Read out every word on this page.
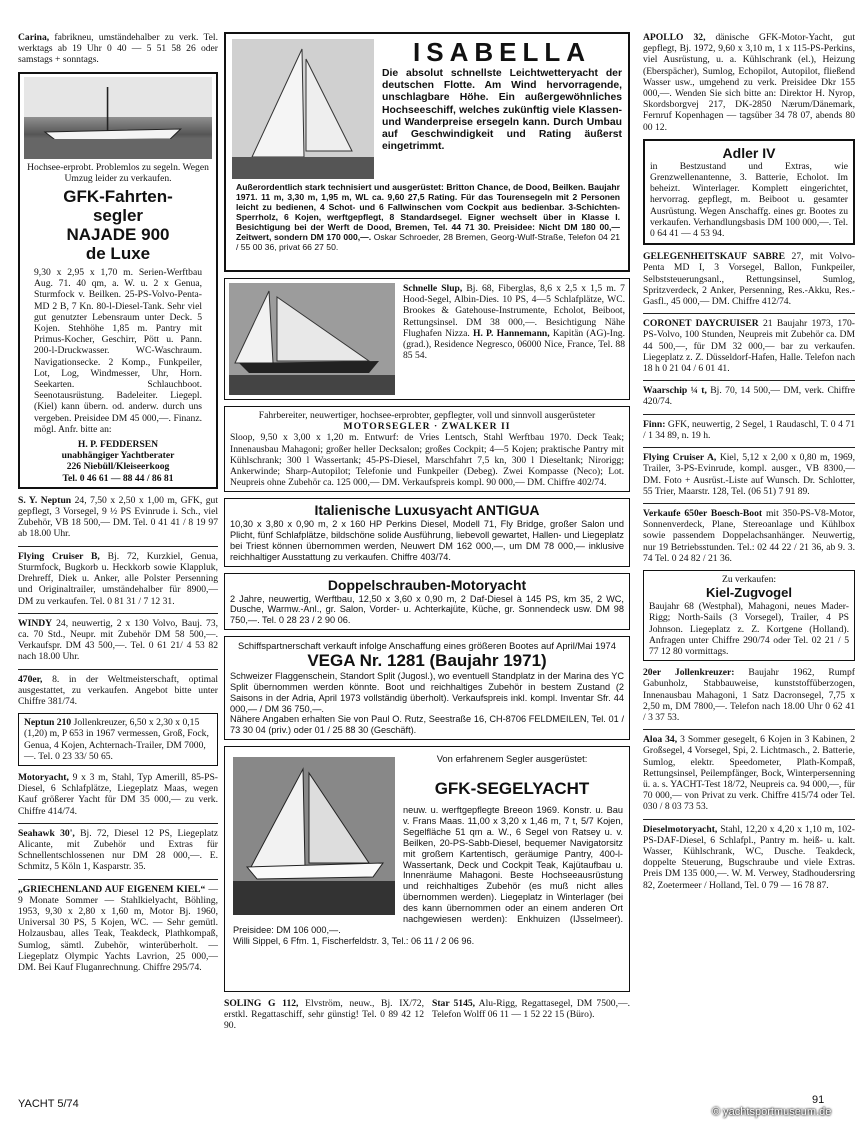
Carina, fabrikneu, umständehalber zu verk. Tel. werktags ab 19 Uhr 0 40 — 5 51 58 26 oder samstags + sonntags.
Hochsee-erprobt. Problemlos zu segeln. Wegen Umzug leider zu verkaufen.
GFK-Fahrten-
segler
NAJADE 900
de Luxe
9,30 x 2,95 x 1,70 m. Serien-Werftbau Aug. 71. 40 qm, a. W. u. 2 x Genua, Sturmfock v. Beilken. 25-PS-Volvo-Penta-MD 2 B, 7 Kn. 80-l-Diesel-Tank. Sehr viel gut genutzter Lebensraum unter Deck. 5 Kojen. Stehhöhe 1,85 m. Pantry mit Primus-Kocher, Geschirr, Pött u. Pann. 200-l-Druckwasser. WC-Waschraum. Navigationsecke. 2 Komp., Funkpeiler, Lot, Log, Windmesser, Uhr, Horn. Seekarten. Schlauchboot. Seenotausrüstung. Badeleiter. Liegepl. (Kiel) kann übern. od. anderw. durch uns vergeben. Preisidee DM 45 000,—. Finanz. mögl. Anfr. bitte an:
H. P. FEDDERSEN
unabhängiger Yachtberater
226 Niebüll/Kleiseerkoog
Tel. 0 46 61 — 88 44 / 86 81
S. Y. Neptun 24, 7,50 x 2,50 x 1,00 m, GFK, gut gepflegt, 3 Vorsegel, 9 ½ PS Evinrude i. Sch., viel Zubehör, VB 18 500,— DM. Tel. 0 41 41 / 8 19 97 ab 18.00 Uhr.
Flying Cruiser B, Bj. 72, Kurzkiel, Genua, Sturmfock, Bugkorb u. Heckkorb sowie Klappluk, Drehreff, Diek u. Anker, alle Polster Persenning und Originaltrailer, umständehalber für 8900,— DM zu verkaufen. Tel. 0 81 31 / 7 12 31.
WINDY 24, neuwertig, 2 x 130 Volvo, Bauj. 73, ca. 70 Std., Neupr. mit Zubehör DM 58 500,—. Verkaufspr. DM 43 500,—. Tel. 0 61 21/ 4 53 82 nach 18.00 Uhr.
470er, 8. in der Weltmeisterschaft, optimal ausgestattet, zu verkaufen. Angebot bitte unter Chiffre 381/74.
Neptun 210 Jollenkreuzer, 6,50 x 2,30 x 0,15 (1,20) m, P 653 in 1967 vermessen, Groß, Fock, Genua, 4 Kojen, Achternach-Trailer, DM 7000,—. Tel. 0 23 33/ 50 65.
Motoryacht, 9 x 3 m, Stahl, Typ Amerill, 85-PS-Diesel, 6 Schlafplätze, Liegeplatz Maas, wegen Kauf größerer Yacht für DM 35 000,— zu verk. Chiffre 414/74.
Seahawk 30', Bj. 72, Diesel 12 PS, Liegeplatz Alicante, mit Zubehör und Extras für Schnellentschlossenen nur DM 28 000,—. E. Schmitz, 5 Köln 1, Kasparstr. 35.
„GRIECHENLAND AUF EIGENEM KIEL“ — 9 Monate Sommer — Stahlkielyacht, Böhling, 1953, 9,30 x 2,80 x 1,60 m, Motor Bj. 1960, Universal 30 PS, 5 Kojen, WC. — Sehr gemütl. Holzausbau, alles Teak, Teakdeck, Plathkompaß, Sumlog, sämtl. Zubehör, winterüberholt. — Liegeplatz Olympic Yachts Lavrion, 25 000,— DM. Bei Kauf Fluganrechnung. Chiffre 295/74.
ISABELLA
Die absolut schnellste Leichtwetteryacht der deutschen Flotte. Am Wind hervorragende, unschlagbare Höhe. Ein außergewöhnliches Hochseeschiff, welches zukünftig viele Klassen- und Wanderpreise ersegeln kann. Durch Umbau auf Geschwindigkeit und Rating äußerst eingetrimmt.
Außerordentlich stark technisiert und ausgerüstet: Britton Chance, de Dood, Beilken. Baujahr 1971. 11 m, 3,30 m, 1,95 m, WL ca. 9,60 27,5 Rating. Für das Tourensegeln mit 2 Personen leicht zu bedienen, 4 Schot- und 6 Fallwinschen vom Cockpit aus bedienbar. 3-Schichten-Sperrholz, 6 Kojen, werftgepflegt, 8 Standardsegel. Eigner wechselt über in Klasse I. Besichtigung bei der Werft de Dood, Bremen, Tel. 44 71 30. Preisidee: Nicht DM 180 00,— Zeitwert, sondern DM 170 000,—. Oskar Schroeder, 28 Bremen, Georg-Wulf-Straße, Telefon 04 21 / 55 00 36, privat 66 27 50.
Schnelle Slup, Bj. 68, Fiberglas, 8,6 x 2,5 x 1,5 m. 7 Hood-Segel, Albin-Dies. 10 PS, 4—5 Schlafplätze, WC. Brookes & Gatehouse-Instrumente, Echolot, Beiboot, Rettungsinsel. DM 38 000,—. Besichtigung Nähe Flughafen Nizza. H. P. Hannemann, Kapitän (AG)-Ing. (grad.), Residence Negresco, 06000 Nice, France, Tel. 88 85 54.
Fahrbereiter, neuwertiger, hochsee-erprobter, gepflegter, voll und sinnvoll ausgerüsteter
MOTORSEGLER · ZWALKER II
Sloop, 9,50 x 3,00 x 1,20 m. Entwurf: de Vries Lentsch, Stahl Werftbau 1970. Deck Teak; Innenausbau Mahagoni; großer heller Decksalon; großes Cockpit; 4—5 Kojen; praktische Pantry mit Kühlschrank; 300 l Wassertank; 45-PS-Diesel, Marschfahrt 7,5 kn, 300 l Dieseltank; Nirorigg; Ankerwinde; Sharp-Autopilot; Telefonie und Funkpeiler (Debeg). Zwei Kompasse (Neco); Lot. Neupreis ohne Zubehör ca. 125 000,— DM. Verkaufspreis kompl. 90 000,— DM. Chiffre 402/74.
Italienische Luxusyacht ANTIGUA
10,30 x 3,80 x 0,90 m, 2 x 160 HP Perkins Diesel, Modell 71, Fly Bridge, großer Salon und Plicht, fünf Schlafplätze, bildschöne solide Ausführung, liebevoll gewartet, Hallen- und Liegeplatz bei Triest können übernommen werden, Neuwert DM 162 000,—, um DM 78 000,— inklusive reichhaltiger Ausstattung zu verkaufen. Chiffre 403/74.
Doppelschrauben-Motoryacht
2 Jahre, neuwertig, Werftbau, 12,50 x 3,60 x 0,90 m, 2 Daf-Diesel à 145 PS, km 35, 2 WC, Dusche, Warmw.-Anl., gr. Salon, Vorder- u. Achterkajüte, Küche, gr. Sonnendeck usw. DM 98 750,—. Tel. 0 28 23 / 2 90 06.
Schiffspartnerschaft verkauft infolge Anschaffung eines größeren Bootes auf April/Mai 1974
VEGA Nr. 1281 (Baujahr 1971)
Schweizer Flaggenschein, Standort Split (Jugosl.), wo eventuell Standplatz in der Marina des YC Split übernommen werden könnte. Boot und reichhaltiges Zubehör in bestem Zustand (2 Saisons in der Adria, April 1973 vollständig überholt). Verkaufspreis inkl. kompl. Inventar Sfr. 44 000,— / DM 36 750,—.
Nähere Angaben erhalten Sie von Paul O. Rutz, Seestraße 16, CH-8706 FELDMEILEN, Tel. 01 / 73 30 04 (priv.) oder 01 / 25 88 30 (Geschäft).
Von erfahrenem Segler ausgerüstet:
GFK-SEGELYACHT
neuw. u. werftgepflegte Breeon 1969. Konstr. u. Bau v. Frans Maas. 11,00 x 3,20 x 1,46 m, 7 t, 5/7 Kojen, Segelfläche 51 qm a. W., 6 Segel von Ratsey u. v. Beilken, 20-PS-Sabb-Diesel, bequemer Navigatorsitz mit großem Kartentisch, geräumige Pantry, 400-l-Wassertank, Deck und Cockpit Teak, Kajütaufbau u. Innenräume Mahagoni. Beste Hochseeausrüstung und reichhaltiges Zubehör (es muß nicht alles übernommen werden). Liegeplatz in Winterlager (bei des kann übernommen oder an einem anderen Ort nachgewiesen werden): Enkhuizen (IJsselmeer). Preisidee: DM 106 000,—.
Willi Sippel, 6 Ffm. 1, Fischerfeldstr. 3, Tel.: 06 11 / 2 06 96.
SOLING G 112, Elvström, neuw., Bj. IX/72, erstkl. Regattaschiff, sehr günstig! Tel. 0 89 42 12 90.
Star 5145, Alu-Rigg, Regattasegel, DM 7500,—. Telefon Wolff 06 11 — 1 52 22 15 (Büro).
APOLLO 32, dänische GFK-Motor-Yacht, gut gepflegt, Bj. 1972, 9,60 x 3,10 m, 1 x 115-PS-Perkins, viel Ausrüstung, u. a. Kühlschrank (el.), Heizung (Eberspächer), Sumlog, Echopilot, Autopilot, fließend Wasser usw., umgehend zu verk. Preisidee Dkr 155 000,—. Wenden Sie sich bitte an: Direktor H. Nyrop, Skordsborgvej 217, DK-2850 Nærum/Dänemark, Fernruf Kopenhagen — tagsüber 34 78 07, abends 80 00 12.
Adler IV
in Bestzustand und Extras, wie Grenzwellenantenne, 3. Batterie, Echolot. Im beheizt. Winterlager. Komplett eingerichtet, hervorrag. gepflegt, m. Beiboot u. gesamter Ausrüstung. Wegen Anschaffg. eines gr. Bootes zu verkaufen. Verhandlungsbasis DM 100 000,—. Tel. 0 64 41 — 4 53 94.
GELEGENHEITSKAUF SABRE 27, mit Volvo-Penta MD I, 3 Vorsegel, Ballon, Funkpeiler, Selbststeuerungsanl., Rettungsinsel, Sumlog, Spritzverdeck, 2 Anker, Persenning, Res.-Akku, Res.-Gasfl., 45 000,— DM. Chiffre 412/74.
CORONET DAYCRUISER 21 Baujahr 1973, 170-PS-Volvo, 100 Stunden, Neupreis mit Zubehör ca. DM 44 500,—, für DM 32 000,— bar zu verkaufen. Liegeplatz z. Z. Düsseldorf-Hafen, Halle. Telefon nach 18 h 0 21 04 / 6 01 41.
Waarschip ¼ t, Bj. 70, 14 500,— DM, verk. Chiffre 420/74.
Finn: GFK, neuwertig, 2 Segel, 1 Raudaschl, T. 0 4 71 / 1 34 89, n. 19 h.
Flying Cruiser A, Kiel, 5,12 x 2,00 x 0,80 m, 1969, Trailer, 3-PS-Evinrude, kompl. ausger., VB 8300,— DM. Foto + Ausrüst.-Liste auf Wunsch. Dr. Schlotter, 55 Trier, Maarstr. 128, Tel. (06 51) 7 91 89.
Verkaufe 650er Boesch-Boot mit 350-PS-V8-Motor, Sonnenverdeck, Plane, Stereoanlage und Kühlbox sowie passendem Doppelachsanhänger. Neuwertig, nur 19 Betriebsstunden. Tel.: 02 44 22 / 21 36, ab 9. 3. 74 Tel. 0 24 82 / 21 36.
Zu verkaufen:
Kiel-Zugvogel
Baujahr 68 (Westphal), Mahagoni, neues Mader-Rigg; North-Sails (3 Vorsegel), Trailer, 4 PS Johnson. Liegeplatz z. Z. Kortgene (Holland). Anfragen unter Chiffre 290/74 oder Tel. 02 21 / 5 77 12 80 vormittags.
20er Jollenkreuzer: Baujahr 1962, Rumpf Gabunholz, Stabbauweise, kunststoffüberzogen, Innenausbau Mahagoni, 1 Satz Dacronsegel, 7,75 x 2,50 m, DM 7800,—. Telefon nach 18.00 Uhr 0 62 41 / 3 37 53.
Aloa 34, 3 Sommer gesegelt, 6 Kojen in 3 Kabinen, 2 Großsegel, 4 Vorsegel, Spi, 2. Lichtmasch., 2. Batterie, Sumlog, elektr. Speedometer, Plath-Kompaß, Rettungsinsel, Peilempfänger, Bock, Winterpersenning ü. a. s. YACHT-Test 18/72, Neupreis ca. 94 000,—, für 70 000,— von Privat zu verk. Chiffre 415/74 oder Tel. 030 / 8 03 73 53.
Dieselmotoryacht, Stahl, 12,20 x 4,20 x 1,10 m, 102-PS-DAF-Diesel, 6 Schlafpl., Pantry m. heiß- u. kalt. Wasser, Kühlschrank, WC, Dusche. Teakdeck, doppelte Steuerung, Bugschraube und viele Extras. Preis DM 135 000,—. W. M. Verwey, Stadhoudersring 82, Zoetermeer / Holland, Tel. 0 79 — 16 78 87.
YACHT 5/74	91
© yachtsportmuseum.de
